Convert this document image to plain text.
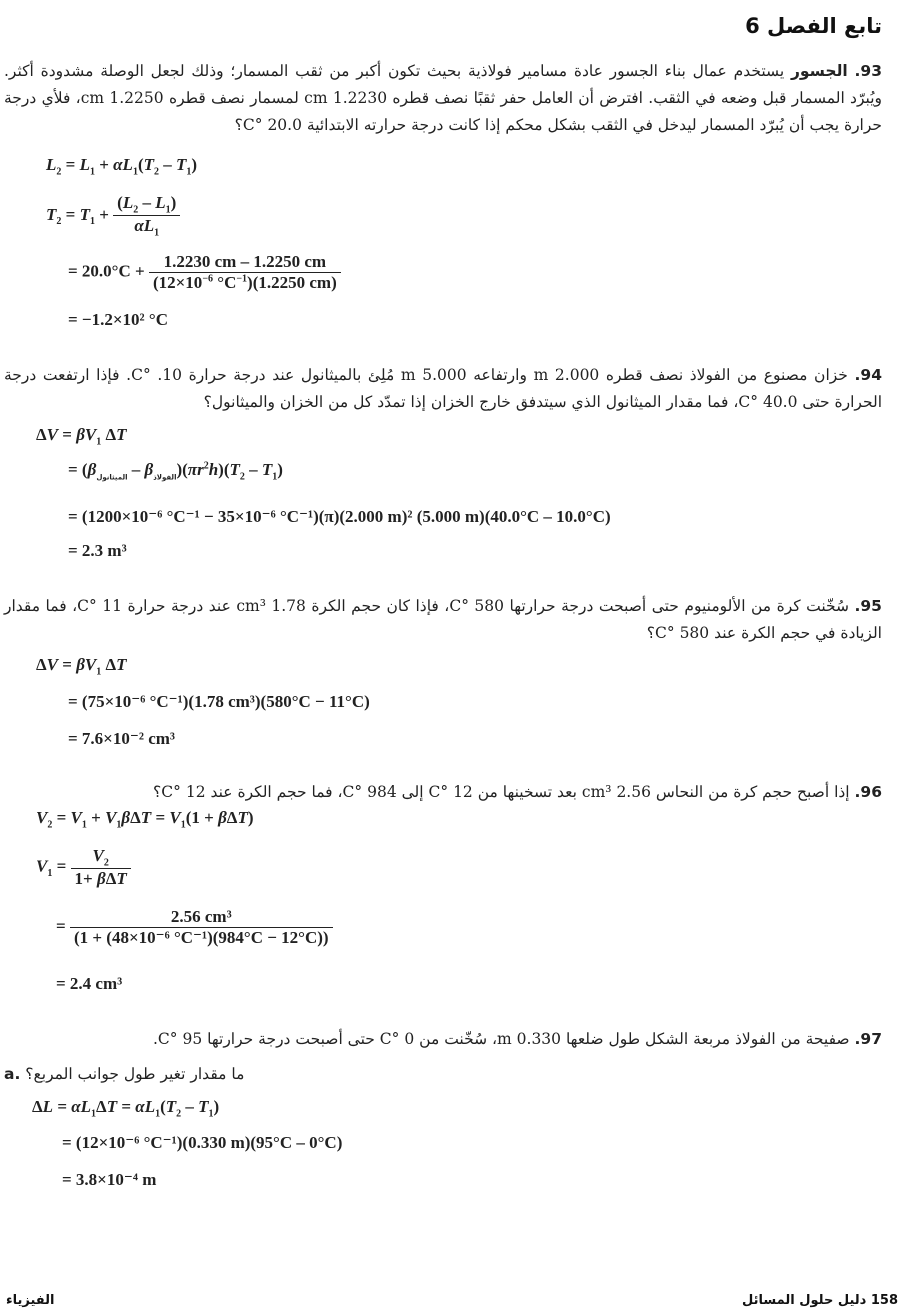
تابع الفصل 6
93. الجسور يستخدم عمال بناء الجسور عادة مسامير فولاذية بحيث تكون أكبر من ثقب المسمار؛ وذلك لجعل الوصلة مشدودة أكثر. ويُبرّد المسمار قبل وضعه في الثقب. افترض أن العامل حفر ثقبًا نصف قطره 1.2230 cm لمسمار نصف قطره 1.2250 cm، فلأي درجة حرارة يجب أن يُبرّد المسمار ليدخل في الثقب بشكل محكم إذا كانت درجة حرارته الابتدائية 20.0 °C؟
$L_2 = L_1 + \alpha L_1(T_2 - T_1)$
$T_2 = T_1 + \frac{(L_2 - L_1)}{\alpha L_1}$
= $20.0^\circ C + \frac{1.2230 cm - 1.2250 cm}{(12\times 10^{-6} ^\circ C^{-1})(1.2250 cm)}$
= −1.2×10² °C
94. خزان مصنوع من الفولاذ نصف قطره 2.000 m وارتفاعه 5.000 m مُلِئ بالميثانول عند درجة حرارة 10. °C. فإذا ارتفعت درجة الحرارة حتى 40.0 °C، فما مقدار الميثانول الذي سيتدفق خارج الخزان إذا تمدّد كل من الخزان والميثانول؟
$\Delta V = \beta V_1$ ΔT
= $(\beta_{الميثانول} - \beta_{الفولاذ})(\pi r^2h)(T_2 - T_1)$
= (1200×10⁻⁶ °C⁻¹ − 35×10⁻⁶ °C⁻¹)(π)(2.000 m)² (5.000 m)(40.0°C – 10.0°C)
= 2.3 m³
95. سُخّنت كرة من الألومنيوم حتى أصبحت درجة حرارتها 580 °C، فإذا كان حجم الكرة 1.78 cm³ عند درجة حرارة 11 °C، فما مقدار الزيادة في حجم الكرة عند 580 °C؟
$\Delta V = \beta V_1$ ΔT
= (75×10⁻⁶ °C⁻¹)(1.78 cm³)(580°C − 11°C)
= 7.6×10⁻² cm³
96. إذا أصبح حجم كرة من النحاس 2.56 cm³ بعد تسخينها من 12 °C إلى 984 °C، فما حجم الكرة عند 12 °C؟
$V_2 = V_1 + V_1\beta\Delta T = V_1(1 + \beta\Delta T)$
$V_1 = \frac{V_2}{\text{1+ βΔT}}$
= $\frac{\text{2.56 cm³}}{\text{(1 + (48×10⁻⁶ °C⁻¹)(984°C − 12°C))}}$
= 2.4 cm³
97. صفيحة من الفولاذ مربعة الشكل طول ضلعها 0.330 m، سُخّنت من 0 °C حتى أصبحت درجة حرارتها 95 °C.
a. ما مقدار تغير طول جوانب المربع؟
$\Delta L = \alpha L_1\Delta T = \alpha L_1(T_2 - T_1)$
= (12×10⁻⁶ °C⁻¹)(0.330 m)(95°C – 0°C)
= 3.8×10⁻⁴ m
158 دليل حلول المسائل
الفيزياء
